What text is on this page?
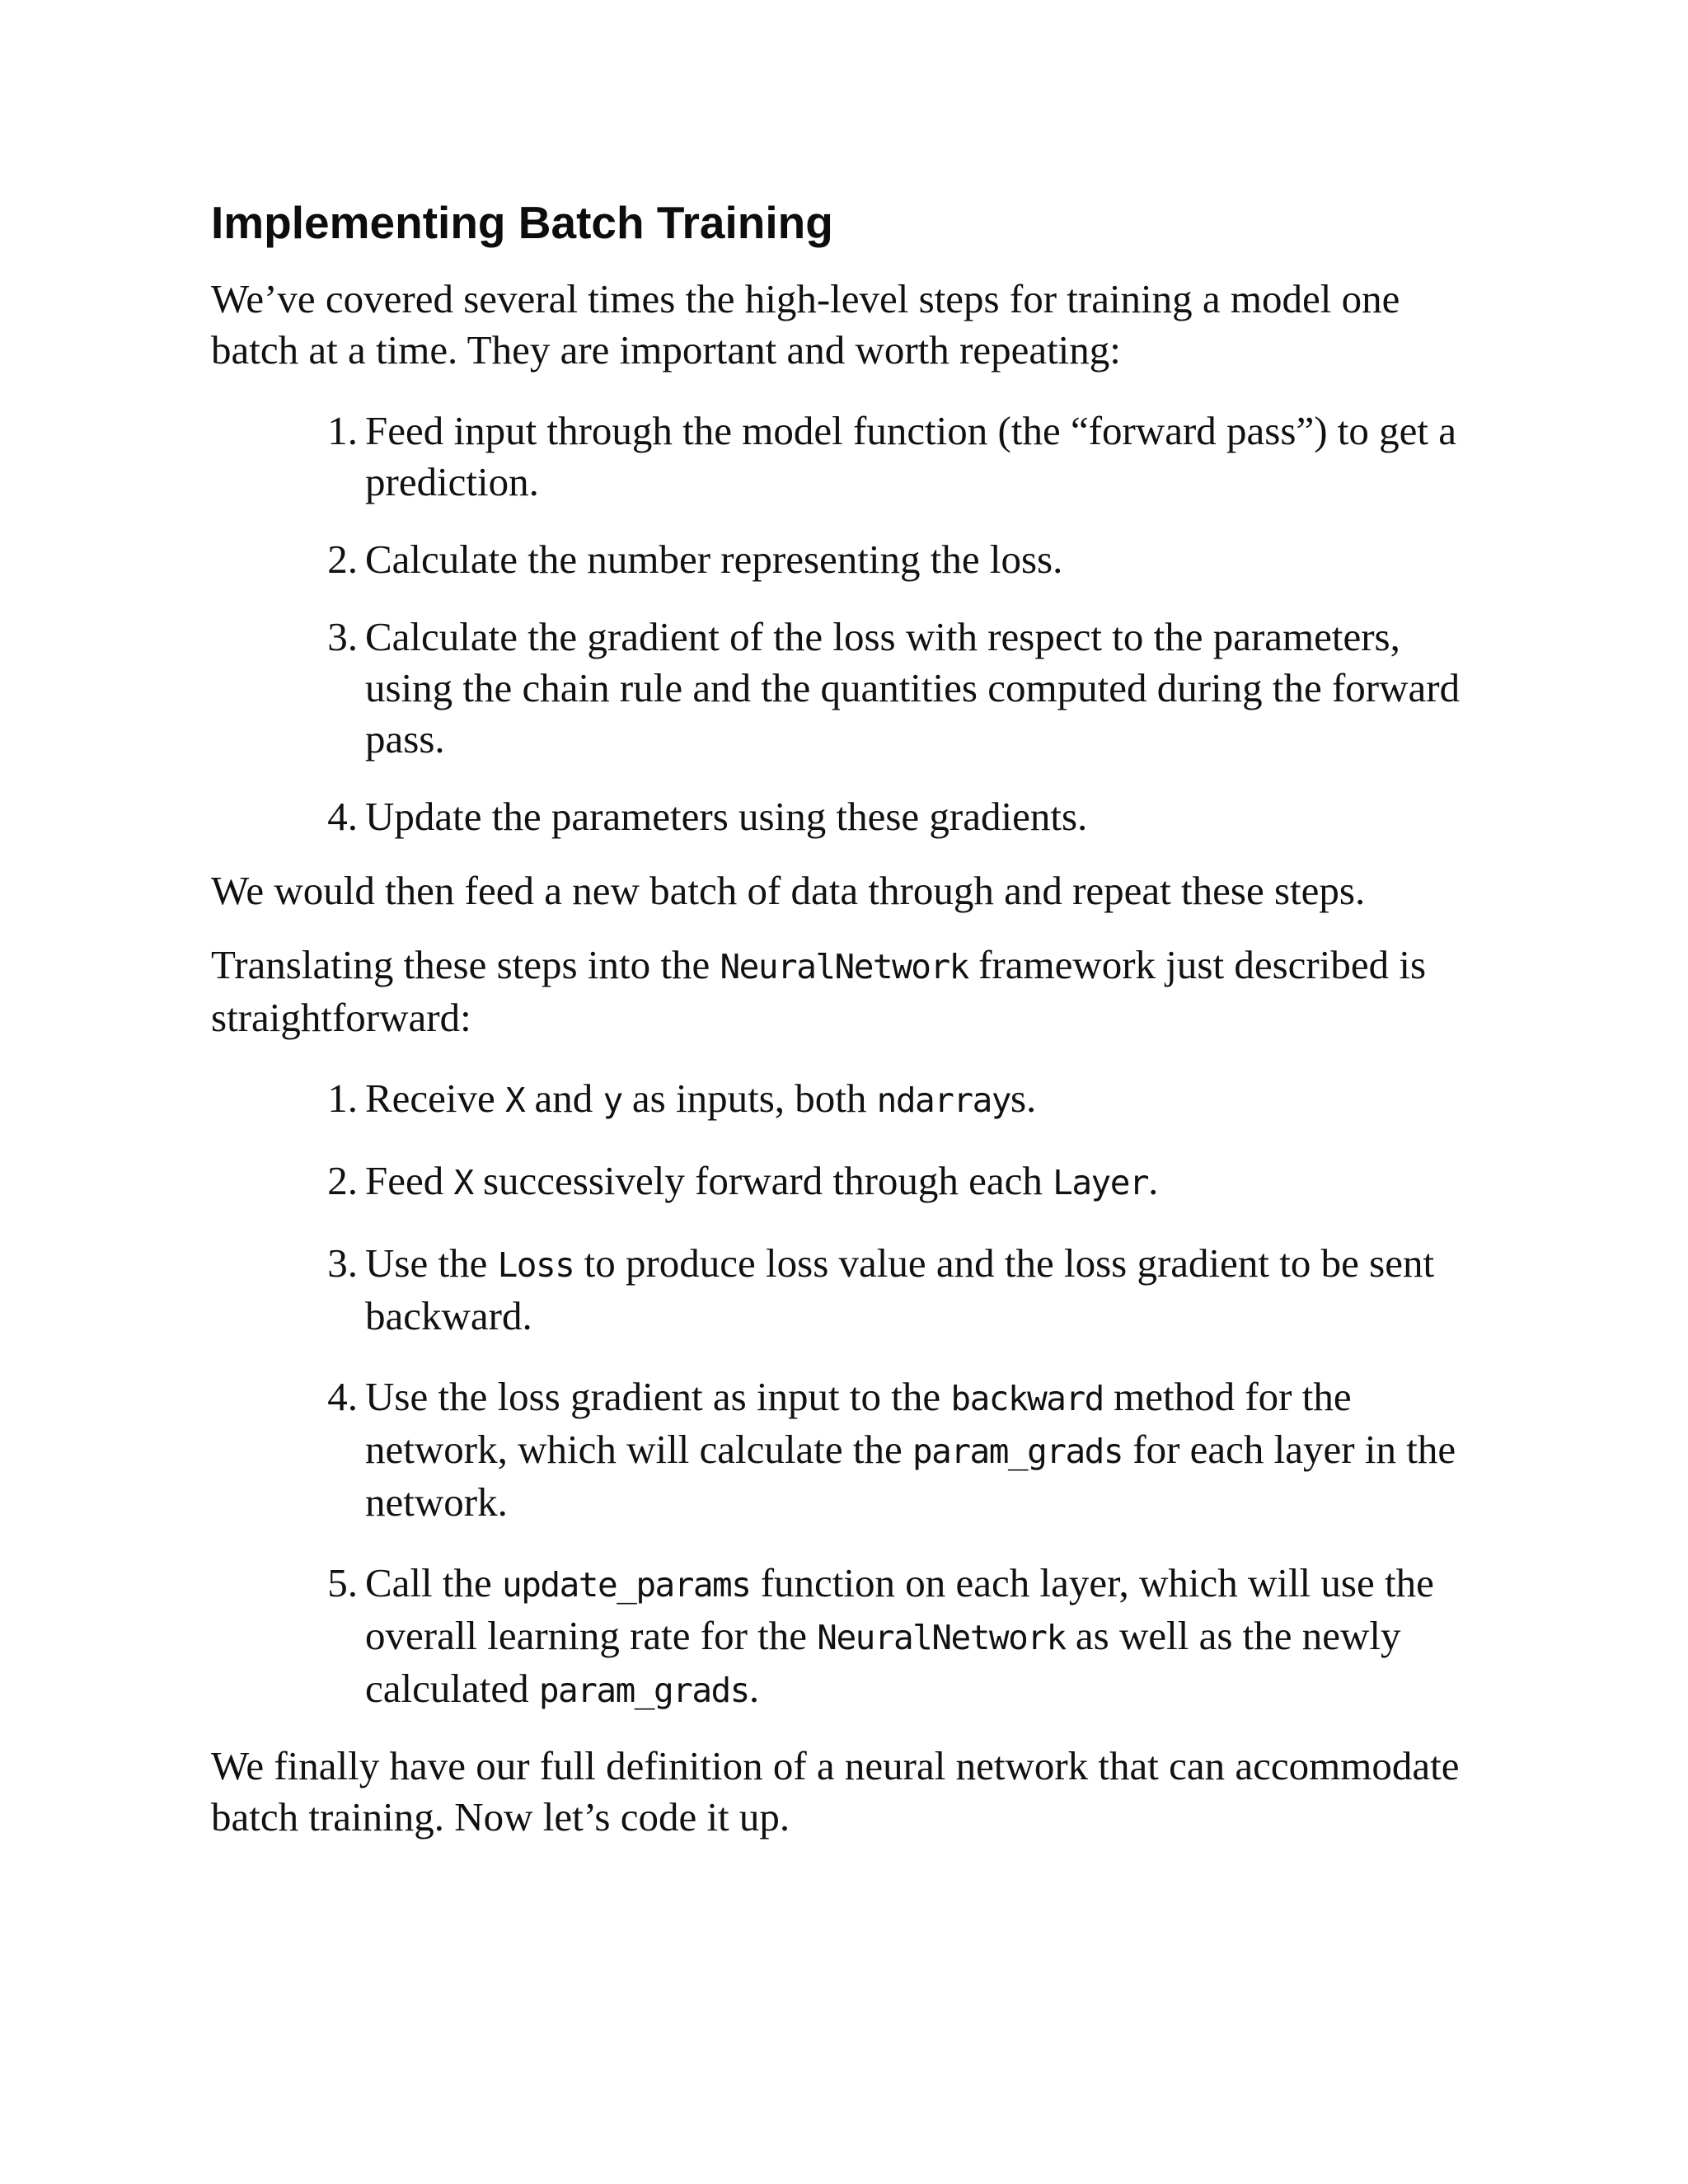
Implementing Batch Training

We’ve covered several times the high-level steps for training a model one batch at a time. They are important and worth repeating:

1. Feed input through the model function (the “forward pass”) to get a prediction.
2. Calculate the number representing the loss.
3. Calculate the gradient of the loss with respect to the parameters, using the chain rule and the quantities computed during the forward pass.
4. Update the parameters using these gradients.

We would then feed a new batch of data through and repeat these steps.

Translating these steps into the NeuralNetwork framework just described is straightforward:

1. Receive X and y as inputs, both ndarrays.
2. Feed X successively forward through each Layer.
3. Use the Loss to produce loss value and the loss gradient to be sent backward.
4. Use the loss gradient as input to the backward method for the network, which will calculate the param_grads for each layer in the network.
5. Call the update_params function on each layer, which will use the overall learning rate for the NeuralNetwork as well as the newly calculated param_grads.

We finally have our full definition of a neural network that can accommodate batch training. Now let’s code it up.
